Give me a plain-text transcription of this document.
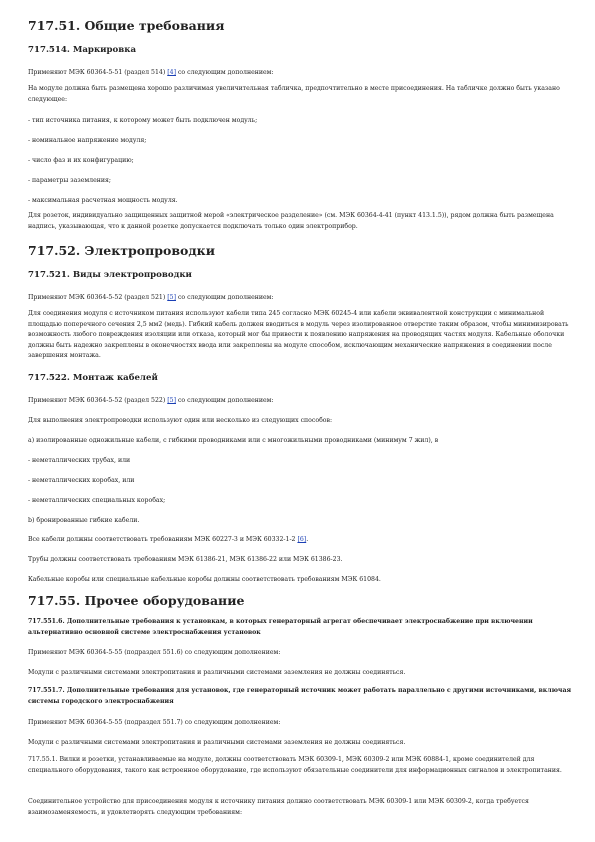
717.51. Общие требования
717.514. Маркировка
Применяют МЭК 60364-5-51 (раздел 514) [4] со следующим дополнением:
На модуле должна быть размещена хорошо различимая увеличительная табличка, предпочтительно в месте присоединения. На табличке должно быть указано следующее:
- тип источника питания, к которому может быть подключен модуль;
- номинальное напряжение модуля;
- число фаз и их конфигурацию;
- параметры заземления;
- максимальная расчетная мощность модуля.
Для розеток, индивидуально защищенных защитной мерой «электрическое разделение» (см. МЭК 60364-4-41 (пункт 413.1.5)), рядом должна быть размещена надпись, указывающая, что к данной розетке допускается подключать только один электроприбор.
717.52. Электропроводки
717.521. Виды электропроводки
Применяют МЭК 60364-5-52 (раздел 521) [5] со следующим дополнением:
Для соединения модуля с источником питания используют кабели типа 245 согласно МЭК 60245-4 или кабели эквивалентной конструкции с минимальной площадью поперечного сечения 2,5 мм2 (медь). Гибкий кабель должен вводиться в модуль через изолированное отверстие таким образом, чтобы минимизировать возможность любого повреждения изоляции или отказа, который мог бы привести к появлению напряжения на проводящих частях модуля. Кабельные оболочки должны быть надежно закреплены в оконечностях ввода или закреплены на модуле способом, исключающим механические напряжения в соединении после завершения монтажа.
717.522. Монтаж кабелей
Применяют МЭК 60364-5-52 (раздел 522) [5] со следующим дополнением:
Для выполнения электропроводки используют один или несколько из следующих способов:
а) изолированные одножильные кабели, с гибкими проводниками или с многожильными проводниками (минимум 7 жил), в
- неметаллических трубах, или
- неметаллических коробах, или
- неметаллических специальных коробах;
b) бронированные гибкие кабели.
Все кабели должны соответствовать требованиям МЭК 60227-3 и МЭК 60332-1-2 [6].
Трубы должны соответствовать требованиям МЭК 61386-21, МЭК 61386-22 или МЭК 61386-23.
Кабельные коробы или специальные кабельные коробы должны соответствовать требованиям МЭК 61084.
717.55. Прочее оборудование
717.551.6. Дополнительные требования к установкам, в которых генераторный агрегат обеспечивает электроснабжение при включении альтернативно основной системе электроснабжения установок
Применяют МЭК 60364-5-55 (подраздел 551.6) со следующим дополнением:
Модули с различными системами электропитания и различными системами заземления не должны соединяться.
717.551.7. Дополнительные требования для установок, где генераторный источник может работать параллельно с другими источниками, включая системы городского электроснабжения
Применяют МЭК 60364-5-55 (подраздел 551.7) со следующим дополнением:
Модули с различными системами электропитания и различными системами заземления не должны соединяться.
717.55.1. Вилки и розетки, устанавливаемые на модуле, должны соответствовать МЭК 60309-1, МЭК 60309-2 или МЭК 60884-1, кроме соединителей для специального оборудования, такого как встроенное оборудование, где используют обязательные соединители для информационных сигналов и электропитания.
Соединительное устройство для присоединения модуля к источнику питания должно соответствовать МЭК 60309-1 или МЭК 60309-2, когда требуется взаимозаменяемость, и удовлетворять следующим требованиям:
